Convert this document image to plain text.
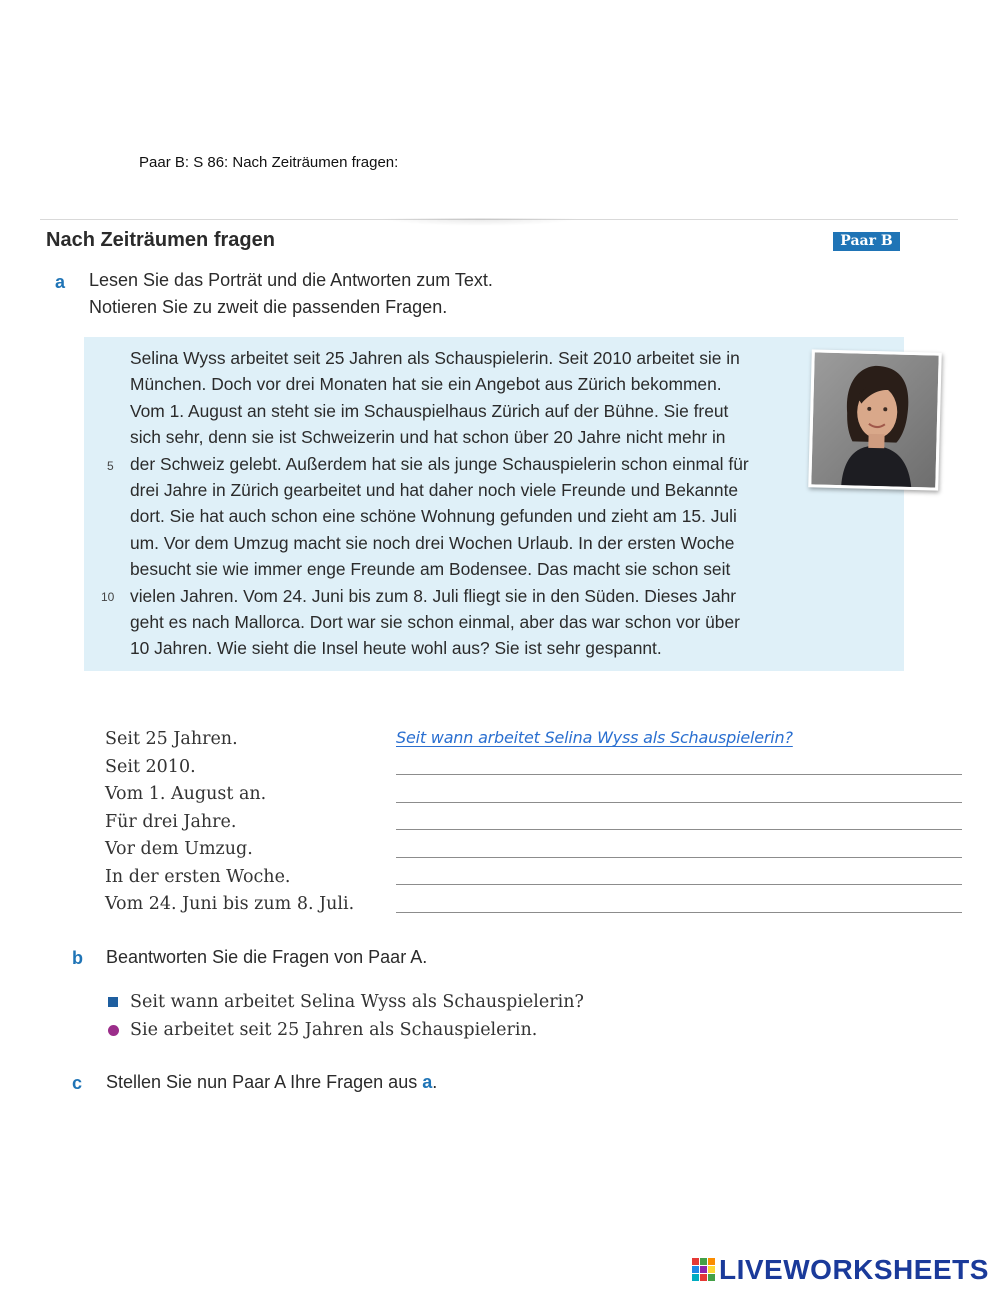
Paar B: S 86: Nach Zeiträumen fragen:
Nach Zeiträumen fragen	Paar B
a Lesen Sie das Porträt und die Antworten zum Text.
Notieren Sie zu zweit die passenden Fragen.
Selina Wyss arbeitet seit 25 Jahren als Schauspielerin. Seit 2010 arbeitet sie in
München. Doch vor drei Monaten hat sie ein Angebot aus Zürich bekommen.
Vom 1. August an steht sie im Schauspielhaus Zürich auf der Bühne. Sie freut
sich sehr, denn sie ist Schweizerin und hat schon über 20 Jahre nicht mehr in
der Schweiz gelebt. Außerdem hat sie als junge Schauspielerin schon einmal für
drei Jahre in Zürich gearbeitet und hat daher noch viele Freunde und Bekannte
dort. Sie hat auch schon eine schöne Wohnung gefunden und zieht am 15. Juli
um. Vor dem Umzug macht sie noch drei Wochen Urlaub. In der ersten Woche
besucht sie wie immer enge Freunde am Bodensee. Das macht sie schon seit
vielen Jahren. Vom 24. Juni bis zum 8. Juli fliegt sie in den Süden. Dieses Jahr
geht es nach Mallorca. Dort war sie schon einmal, aber das war schon vor über
10 Jahren. Wie sieht die Insel heute wohl aus? Sie ist sehr gespannt.
5
10
Seit 25 Jahren.
Seit 2010.
Vom 1. August an.
Für drei Jahre.
Vor dem Umzug.
In der ersten Woche.
Vom 24. Juni bis zum 8. Juli.
Seit wann arbeitet Selina Wyss als Schauspielerin?
b Beantworten Sie die Fragen von Paar A.
Seit wann arbeitet Selina Wyss als Schauspielerin?
Sie arbeitet seit 25 Jahren als Schauspielerin.
c Stellen Sie nun Paar A Ihre Fragen aus a.
LIVEWORKSHEETS
